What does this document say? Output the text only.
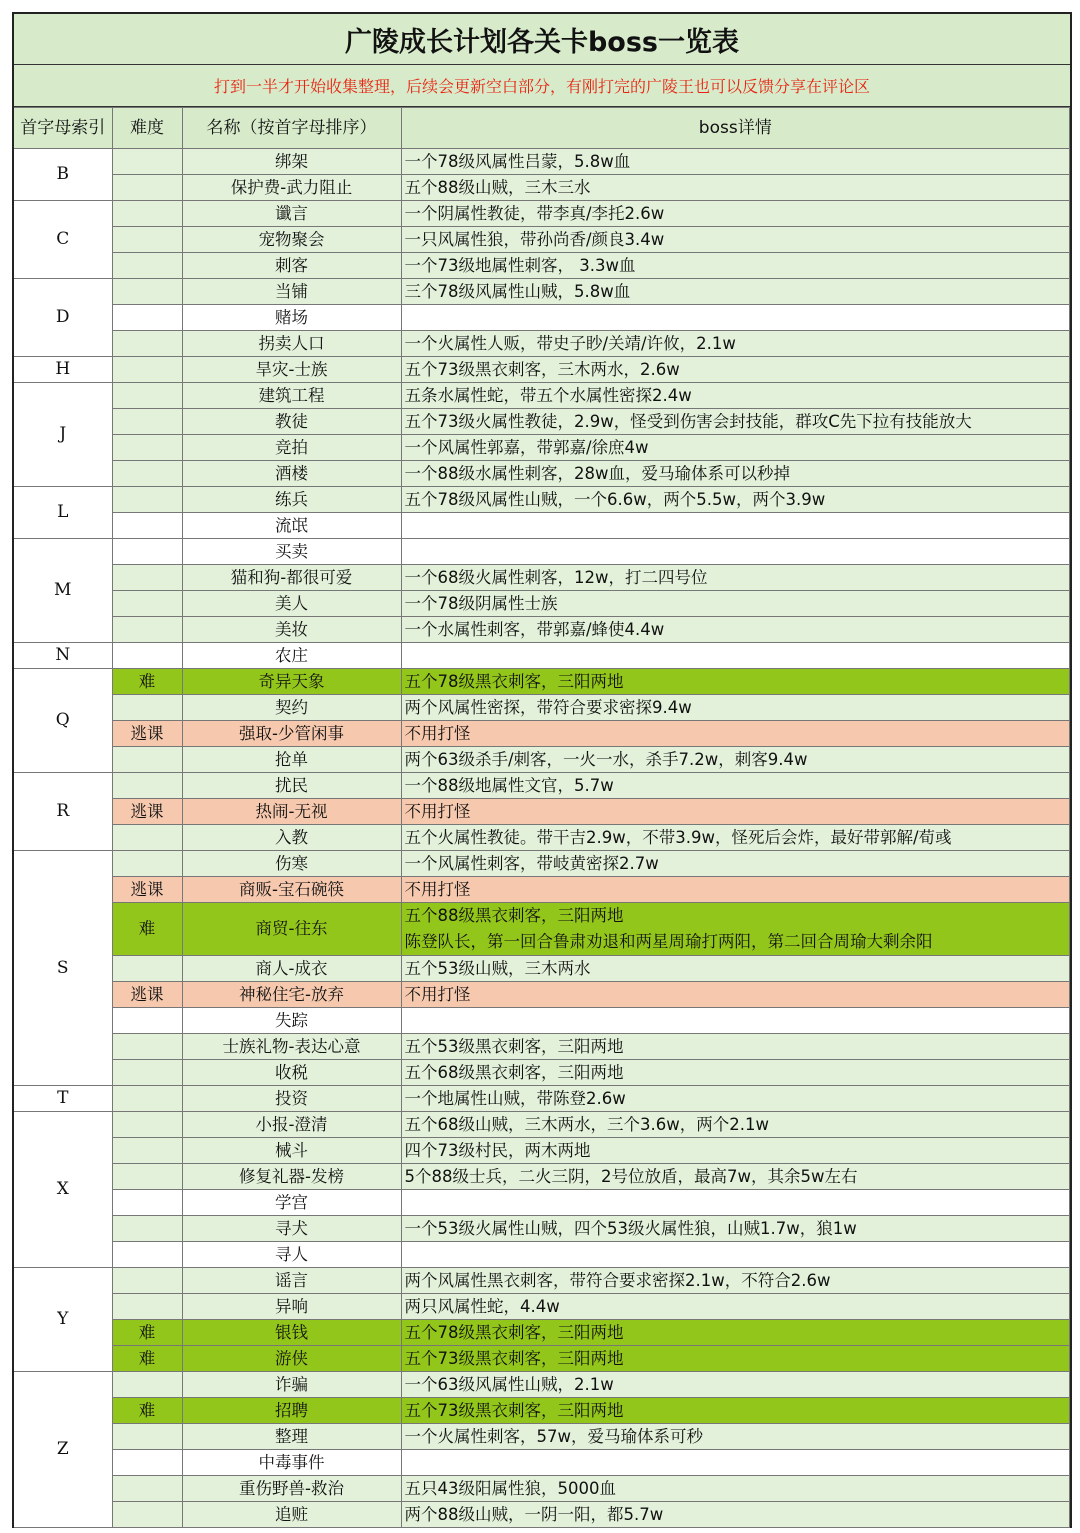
广陵成长计划各关卡boss一览表
打到一半才开始收集整理，后续会更新空白部分，有刚打完的广陵王也可以反馈分享在评论区
首字母索引	难度	名称（按首字母排序）	boss详情
B		绑架	一个78级风属性吕蒙，5.8w血
		保护费-武力阻止	五个88级山贼，三木三水
C		谶言	一个阴属性教徒，带李真/李托2.6w
		宠物聚会	一只风属性狼，带孙尚香/颜良3.4w
		刺客	一个73级地属性刺客， 3.3w血
D		当铺	三个78级风属性山贼，5.8w血
		赌场	
		拐卖人口	一个火属性人贩，带史子眇/关靖/许攸，2.1w
H		旱灾-士族	五个73级黑衣刺客，三木两水，2.6w
J		建筑工程	五条水属性蛇，带五个水属性密探2.4w
		教徒	五个73级火属性教徒，2.9w，怪受到伤害会封技能，群攻C先下拉有技能放大
		竞拍	一个风属性郭嘉，带郭嘉/徐庶4w
		酒楼	一个88级水属性刺客，28w血，爱马瑜体系可以秒掉
L		练兵	五个78级风属性山贼，一个6.6w，两个5.5w，两个3.9w
		流氓	
M		买卖	
		猫和狗-都很可爱	一个68级火属性刺客，12w，打二四号位
		美人	一个78级阴属性士族
		美妆	一个水属性刺客，带郭嘉/蜂使4.4w
N		农庄	
Q	难	奇异天象	五个78级黑衣刺客，三阳两地
		契约	两个风属性密探，带符合要求密探9.4w
	逃课	强取-少管闲事	不用打怪
		抢单	两个63级杀手/刺客，一火一水，杀手7.2w，刺客9.4w
R		扰民	一个88级地属性文官，5.7w
	逃课	热闹-无视	不用打怪
		入教	五个火属性教徒。带干吉2.9w，不带3.9w，怪死后会炸，最好带郭解/荀彧
S		伤寒	一个风属性刺客，带岐黄密探2.7w
	逃课	商贩-宝石碗筷	不用打怪
	难	商贸-往东	五个88级黑衣刺客，三阳两地
陈登队长，第一回合鲁肃劝退和两星周瑜打两阳，第二回合周瑜大剩余阳

		商人-成衣	五个53级山贼，三木两水
	逃课	神秘住宅-放弃	不用打怪
		失踪	
		士族礼物-表达心意	五个53级黑衣刺客，三阳两地
		收税	五个68级黑衣刺客，三阳两地
T		投资	一个地属性山贼，带陈登2.6w
X		小报-澄清	五个68级山贼，三木两水，三个3.6w，两个2.1w
		械斗	四个73级村民，两木两地
		修复礼器-发榜	5个88级士兵，二火三阴，2号位放盾，最高7w，其余5w左右
		学宫	
		寻犬	一个53级火属性山贼，四个53级火属性狼，山贼1.7w，狼1w
		寻人	
Y		谣言	两个风属性黑衣刺客，带符合要求密探2.1w，不符合2.6w
		异响	两只风属性蛇，4.4w
	难	银钱	五个78级黑衣刺客，三阳两地
	难	游侠	五个73级黑衣刺客，三阳两地
Z		诈骗	一个63级风属性山贼，2.1w
	难	招聘	五个73级黑衣刺客，三阳两地
		整理	一个火属性刺客，57w，爱马瑜体系可秒
		中毒事件	
		重伤野兽-救治	五只43级阳属性狼，5000血
		追赃	两个88级山贼，一阴一阳，都5.7w
